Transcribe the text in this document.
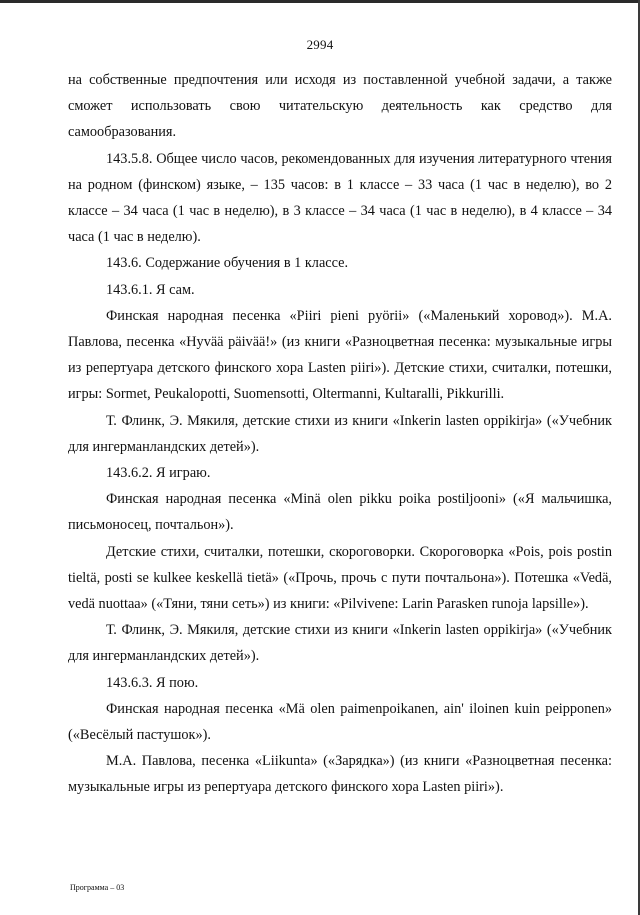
2994

на собственные предпочтения или исходя из поставленной учебной задачи, а также сможет использовать свою читательскую деятельность как средство для самообразования.

143.5.8. Общее число часов, рекомендованных для изучения литературного чтения на родном (финском) языке, – 135 часов: в 1 классе – 33 часа (1 час в неделю), во 2 классе – 34 часа (1 час в неделю), в 3 классе – 34 часа (1 час в неделю), в 4 классе – 34 часа (1 час в неделю).

143.6. Содержание обучения в 1 классе.

143.6.1. Я сам.

Финская народная песенка «Piiri pieni pyörii» («Маленький хоровод»). М.А. Павлова, песенка «Hyvää päivää!» (из книги «Разноцветная песенка: музыкальные игры из репертуара детского финского хора Lasten piiri»). Детские стихи, считалки, потешки, игры: Sormet, Peukalopotti, Suomensotti, Oltermanni, Kultaralli, Pikkurilli.

Т. Флинк, Э. Мякиля, детские стихи из книги «Inkerin lasten oppikirja» («Учебник для ингерманландских детей»).

143.6.2. Я играю.

Финская народная песенка «Minä olen pikku poika postiljooni» («Я мальчишка, письмоносец, почтальон»).

Детские стихи, считалки, потешки, скороговорки. Скороговорка «Pois, pois postin tieltä, posti se kulkee keskellä tietä» («Прочь, прочь с пути почтальона»). Потешка «Vedä, vedä nuottaa» («Тяни, тяни сеть») из книги: «Pilvivene: Larin Parasken runoja lapsille»).

Т. Флинк, Э. Мякиля, детские стихи из книги «Inkerin lasten oppikirja» («Учебник для ингерманландских детей»).

143.6.3. Я пою.

Финская народная песенка «Mä olen paimenpoikanen, ain' iloinen kuin peipponen» («Весёлый пастушок»).

М.А. Павлова, песенка «Liikunta» («Зарядка») (из книги «Разноцветная песенка: музыкальные игры из репертуара детского финского хора Lasten piiri»).

Программа – 03
